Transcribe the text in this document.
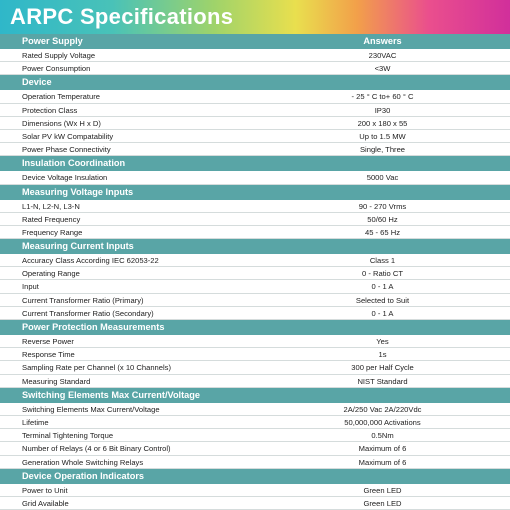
ARPC Specifications
Power Supply	Answers
Rated Supply Voltage	230VAC
Power Consumption	<3W
Device
Operation Temperature	- 25 ° C to+ 60 ° C
Protection Class	IP30
Dimensions (Wx H x D)	200 x 180 x 55
Solar PV kW Compatability	Up to 1.5 MW
Power Phase Connectivity	Single, Three
Insulation Coordination
Device Voltage Insulation	5000 Vac
Measuring Voltage Inputs
L1-N, L2-N, L3-N	90 - 270 Vrms
Rated Frequency	50/60 Hz
Frequency Range	45 - 65 Hz
Measuring Current Inputs
Accuracy Class According IEC 62053-22	Class 1
Operating Range	0 - Ratio CT
Input	0 - 1 A
Current Transformer Ratio (Primary)	Selected to Suit
Current Transformer Ratio (Secondary)	0 - 1 A
Power Protection Measurements
Reverse Power	Yes
Response Time	1s
Sampling Rate per Channel (x 10 Channels)	300 per Half Cycle
Measuring Standard	NIST Standard
Switching Elements Max Current/Voltage
Switching Elements Max Current/Voltage	2A/250 Vac 2A/220Vdc
Lifetime	50,000,000 Activations
Terminal Tightening Torque	0.5Nm
Number of Relays (4 or 6 Bit Binary Control)	Maximum of 6
Generation Whole Switching Relays	Maximum of 6
Device Operation Indicators
Power to Unit	Green LED
Grid Available	Green LED
